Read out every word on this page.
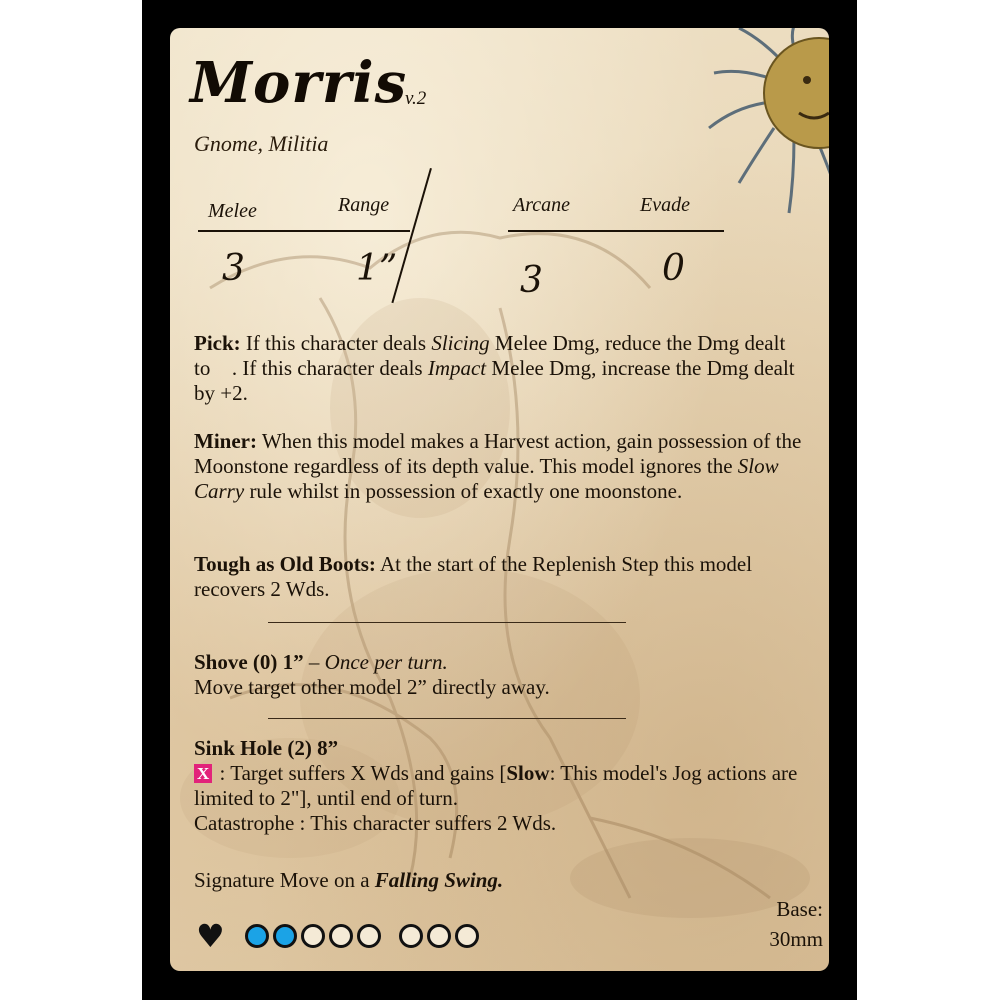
Morris
v.2
Gnome, Militia
Melee	Range	Arcane	Evade
3	1”	3	0
Pick: If this character deals Slicing Melee Dmg, reduce the Dmg dealt to ⃠. If this character deals Impact Melee Dmg, increase the Dmg dealt by +2.
Miner: When this model makes a Harvest action, gain possession of the Moonstone regardless of its depth value. This model ignores the Slow Carry rule whilst in possession of exactly one moonstone.
Tough as Old Boots: At the start of the Replenish Step this model recovers 2 Wds.
Shove (0) 1” – Once per turn.
Move target other model 2” directly away.
Sink Hole (2) 8”
X : Target suffers X Wds and gains [Slow: This model's Jog actions are limited to 2"], until end of turn.
Catastrophe : This character suffers 2 Wds.
Signature Move on a Falling Swing.
♥
Base:
30mm
